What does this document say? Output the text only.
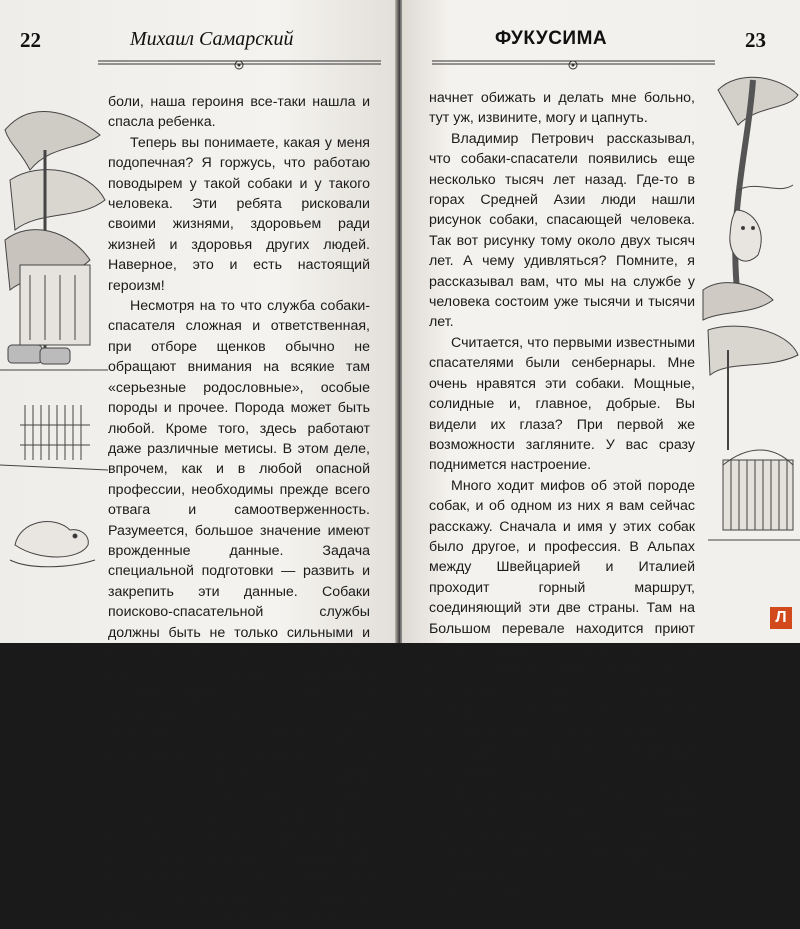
22	Михаил Самарский

боли, наша героиня все-таки нашла и спасла ребенка.

Теперь вы понимаете, какая у меня подопечная? Я горжусь, что работаю поводырем у такой собаки и у такого человека. Эти ребята рисковали своими жизнями, здоровьем ради жизней и здоровья других людей. Наверное, это и есть настоящий героизм!

Несмотря на то что служба собаки-спасателя сложная и ответственная, при отборе щенков обычно не обращают внимания на всякие там «серьезные родословные», особые породы и прочее. Порода может быть любой. Кроме того, здесь работают даже различные метисы. В этом деле, впрочем, как и в любой опасной профессии, необходимы прежде всего отвага и самоотверженность. Разумеется, большое значение имеют врожденные данные. Задача специальной подготовки — развить и закрепить эти данные. Собаки поисково-спасательной службы должны быть не только сильными и выносливыми, но и обладать идеальным слухом, отличным зрением, острым чутьем. Вместе с тем они должны быть добрыми — никакой агрессии ни к животным, ни к незнакомым людям. Понимаете, в чем сложность? Даже если вдруг спасенный человек сделает собаке-спасателю больно, та должна стерпеть и не укусить его в ответ. Во как! Даже нас такому не учат. Если, конечно, мой подопечный ошибется и что-то там совершит такое непонятное, я тоже его кусать не стану. Но если посторонний

ФУКУСИМА	23

начнет обижать и делать мне больно, тут уж, извините, могу и цапнуть.

Владимир Петрович рассказывал, что собаки-спасатели появились еще несколько тысяч лет назад. Где-то в горах Средней Азии люди нашли рисунок собаки, спасающей человека. Так вот рисунку тому около двух тысяч лет. А чему удивляться? Помните, я рассказывал вам, что мы на службе у человека состоим уже тысячи и тысячи лет.

Считается, что первыми известными спасателями были сенбернары. Мне очень нравятся эти собаки. Мощные, солидные и, главное, добрые. Вы видели их глаза? При первой же возможности загляните. У вас сразу поднимется настроение.

Много ходит мифов об этой породе собак, и об одном из них я вам сейчас расскажу. Сначала и имя у этих собак было другое, и профессия. В Альпах между Швейцарией и Италией проходит горный маршрут, соединяющий эти две страны. Там на Большом перевале находится приют Святого Бернара. Монахи из этого приюта сначала использовали крупных и покладистых собак как вьючных животных. Понятное дело, ослики и верблюды тут, конечно, не прижились бы. Назывались эти собаки альпийские мастифы.

Что удивительно, они выполняли спасательные работы даже самостоятельно. Находили людей не только в лавинах, например, но и заблудившихся в пургу. Найдя человека, соба-

Л
